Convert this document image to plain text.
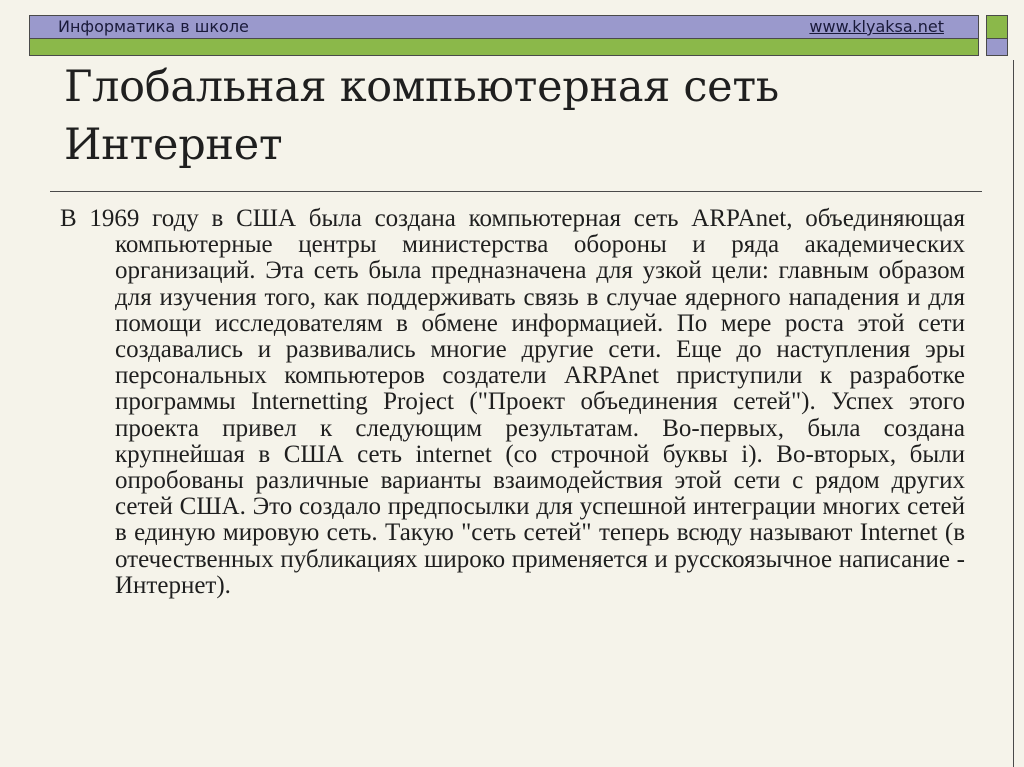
Информатика в школе	www.klyaksa.net
Глобальная компьютерная сеть Интернет

В 1969 году в США была создана компьютерная сеть ARPAnet, объединяющая компьютерные центры министерства обороны и ряда академических организаций. Эта сеть была предназначена для узкой цели: главным образом для изучения того, как поддерживать связь в случае ядерного нападения и для помощи исследователям в обмене информацией. По мере роста этой сети создавались и развивались многие другие сети. Еще до наступления эры персональных компьютеров создатели ARPAnet приступили к разработке программы Internetting Project ("Проект объединения сетей"). Успех этого проекта привел к следующим результатам. Во-первых, была создана крупнейшая в США сеть internet (со строчной буквы i). Во-вторых, были опробованы различные варианты взаимодействия этой сети с рядом других сетей США. Это создало предпосылки для успешной интеграции многих сетей в единую мировую сеть. Такую "сеть сетей" теперь всюду называют Internet (в отечественных публикациях широко применяется и русскоязычное написание - Интернет).
